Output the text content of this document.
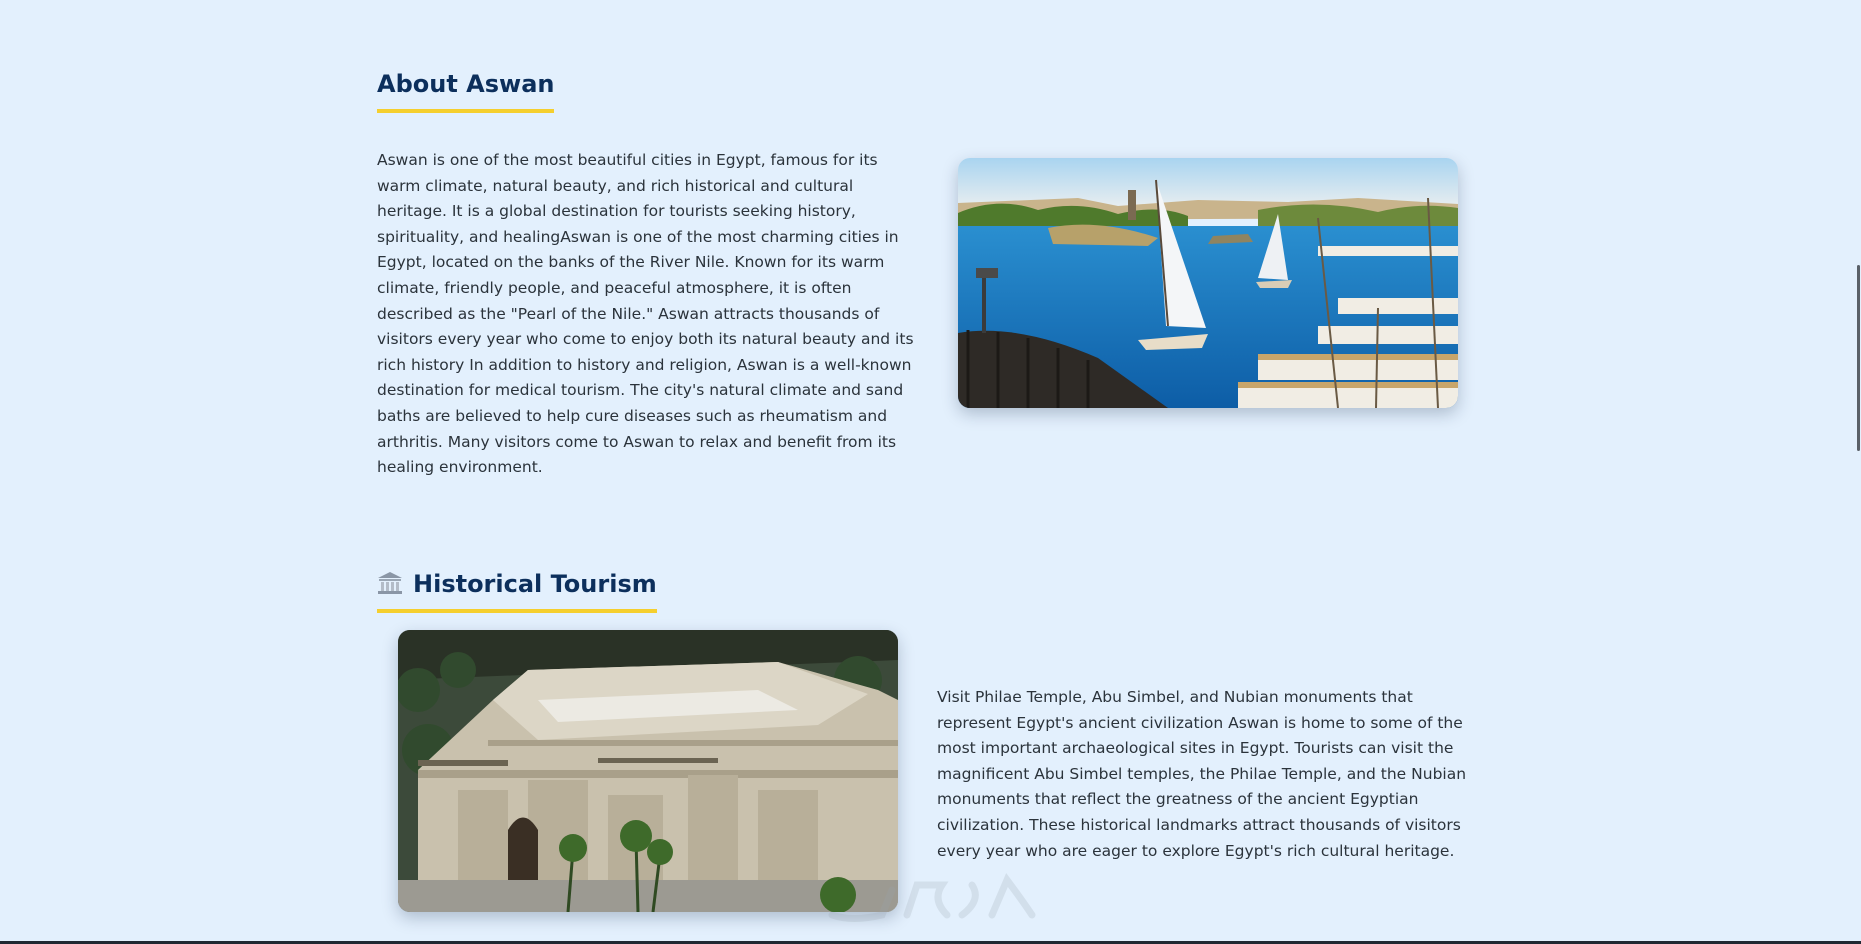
About Aswan

Aswan is one of the most beautiful cities in Egypt, famous for its warm climate, natural beauty, and rich historical and cultural heritage. It is a global destination for tourists seeking history, spirituality, and healingAswan is one of the most charming cities in Egypt, located on the banks of the River Nile. Known for its warm climate, friendly people, and peaceful atmosphere, it is often described as the "Pearl of the Nile." Aswan attracts thousands of visitors every year who come to enjoy both its natural beauty and its rich history In addition to history and religion, Aswan is a well-known destination for medical tourism. The city's natural climate and sand baths are believed to help cure diseases such as rheumatism and arthritis. Many visitors come to Aswan to relax and benefit from its healing environment.

Historical Tourism

Visit Philae Temple, Abu Simbel, and Nubian monuments that represent Egypt's ancient civilization Aswan is home to some of the most important archaeological sites in Egypt. Tourists can visit the magnificent Abu Simbel temples, the Philae Temple, and the Nubian monuments that reflect the greatness of the ancient Egyptian civilization. These historical landmarks attract thousands of visitors every year who are eager to explore Egypt's rich cultural heritage.
